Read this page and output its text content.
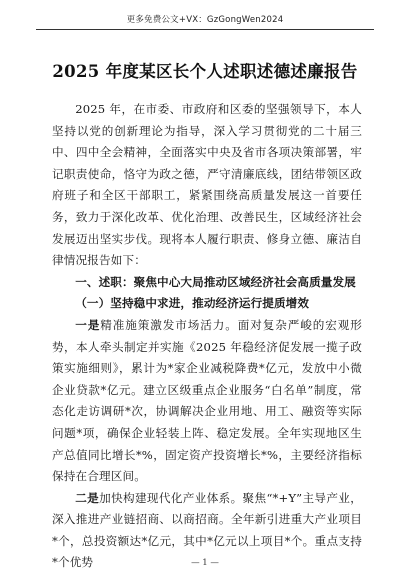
更多免费公文+VX：GzGongWen2024
2025 年度某区长个人述职述德述廉报告

2025 年，在市委、市政府和区委的坚强领导下，本人坚持以党的创新理论为指导，深入学习贯彻党的二十届三中、四中全会精神，全面落实中央及省市各项决策部署，牢记职责使命，恪守为政之德，严守清廉底线，团结带领区政府班子和全区干部职工，紧紧围绕高质量发展这一首要任务，致力于深化改革、优化治理、改善民生，区域经济社会发展迈出坚实步伐。现将本人履行职责、修身立德、廉洁自律情况报告如下：

一、述职：聚焦中心大局推动区域经济社会高质量发展

（一）坚持稳中求进，推动经济运行提质增效

一是精准施策激发市场活力。面对复杂严峻的宏观形势，本人牵头制定并实施《2025 年稳经济促发展一揽子政策实施细则》，累计为*家企业减税降费*亿元，发放中小微企业贷款*亿元。建立区级重点企业服务“白名单”制度，常态化走访调研*次，协调解决企业用地、用工、融资等实际问题*项，确保企业轻装上阵、稳定发展。全年实现地区生产总值同比增长*%，固定资产投资增长*%，主要经济指标保持在合理区间。

二是加快构建现代化产业体系。聚焦“*+Y”主导产业，深入推进产业链招商、以商招商。全年新引进重大产业项目*个，总投资额达*亿元，其中*亿元以上项目*个。重点支持*个优势	— 1 —
